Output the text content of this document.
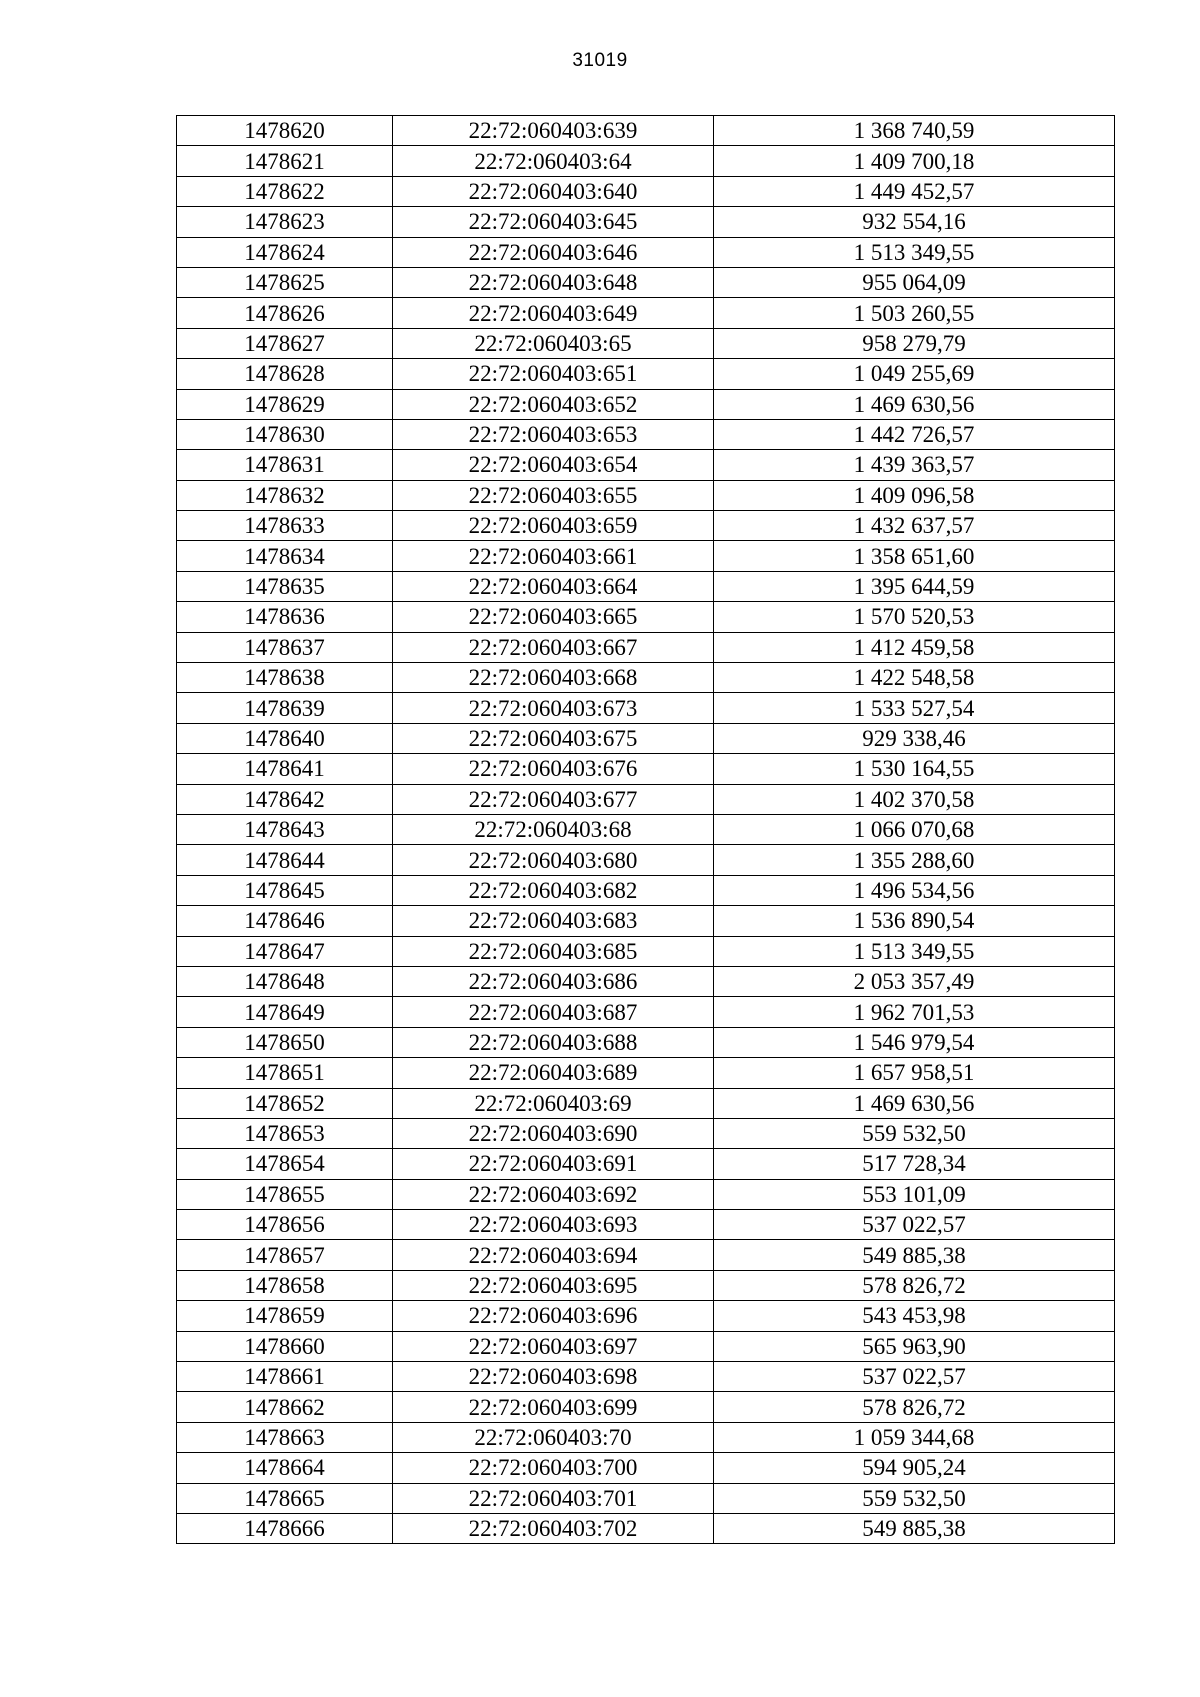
31019
1478620	22:72:060403:639	1 368 740,59
1478621	22:72:060403:64	1 409 700,18
1478622	22:72:060403:640	1 449 452,57
1478623	22:72:060403:645	932 554,16
1478624	22:72:060403:646	1 513 349,55
1478625	22:72:060403:648	955 064,09
1478626	22:72:060403:649	1 503 260,55
1478627	22:72:060403:65	958 279,79
1478628	22:72:060403:651	1 049 255,69
1478629	22:72:060403:652	1 469 630,56
1478630	22:72:060403:653	1 442 726,57
1478631	22:72:060403:654	1 439 363,57
1478632	22:72:060403:655	1 409 096,58
1478633	22:72:060403:659	1 432 637,57
1478634	22:72:060403:661	1 358 651,60
1478635	22:72:060403:664	1 395 644,59
1478636	22:72:060403:665	1 570 520,53
1478637	22:72:060403:667	1 412 459,58
1478638	22:72:060403:668	1 422 548,58
1478639	22:72:060403:673	1 533 527,54
1478640	22:72:060403:675	929 338,46
1478641	22:72:060403:676	1 530 164,55
1478642	22:72:060403:677	1 402 370,58
1478643	22:72:060403:68	1 066 070,68
1478644	22:72:060403:680	1 355 288,60
1478645	22:72:060403:682	1 496 534,56
1478646	22:72:060403:683	1 536 890,54
1478647	22:72:060403:685	1 513 349,55
1478648	22:72:060403:686	2 053 357,49
1478649	22:72:060403:687	1 962 701,53
1478650	22:72:060403:688	1 546 979,54
1478651	22:72:060403:689	1 657 958,51
1478652	22:72:060403:69	1 469 630,56
1478653	22:72:060403:690	559 532,50
1478654	22:72:060403:691	517 728,34
1478655	22:72:060403:692	553 101,09
1478656	22:72:060403:693	537 022,57
1478657	22:72:060403:694	549 885,38
1478658	22:72:060403:695	578 826,72
1478659	22:72:060403:696	543 453,98
1478660	22:72:060403:697	565 963,90
1478661	22:72:060403:698	537 022,57
1478662	22:72:060403:699	578 826,72
1478663	22:72:060403:70	1 059 344,68
1478664	22:72:060403:700	594 905,24
1478665	22:72:060403:701	559 532,50
1478666	22:72:060403:702	549 885,38
